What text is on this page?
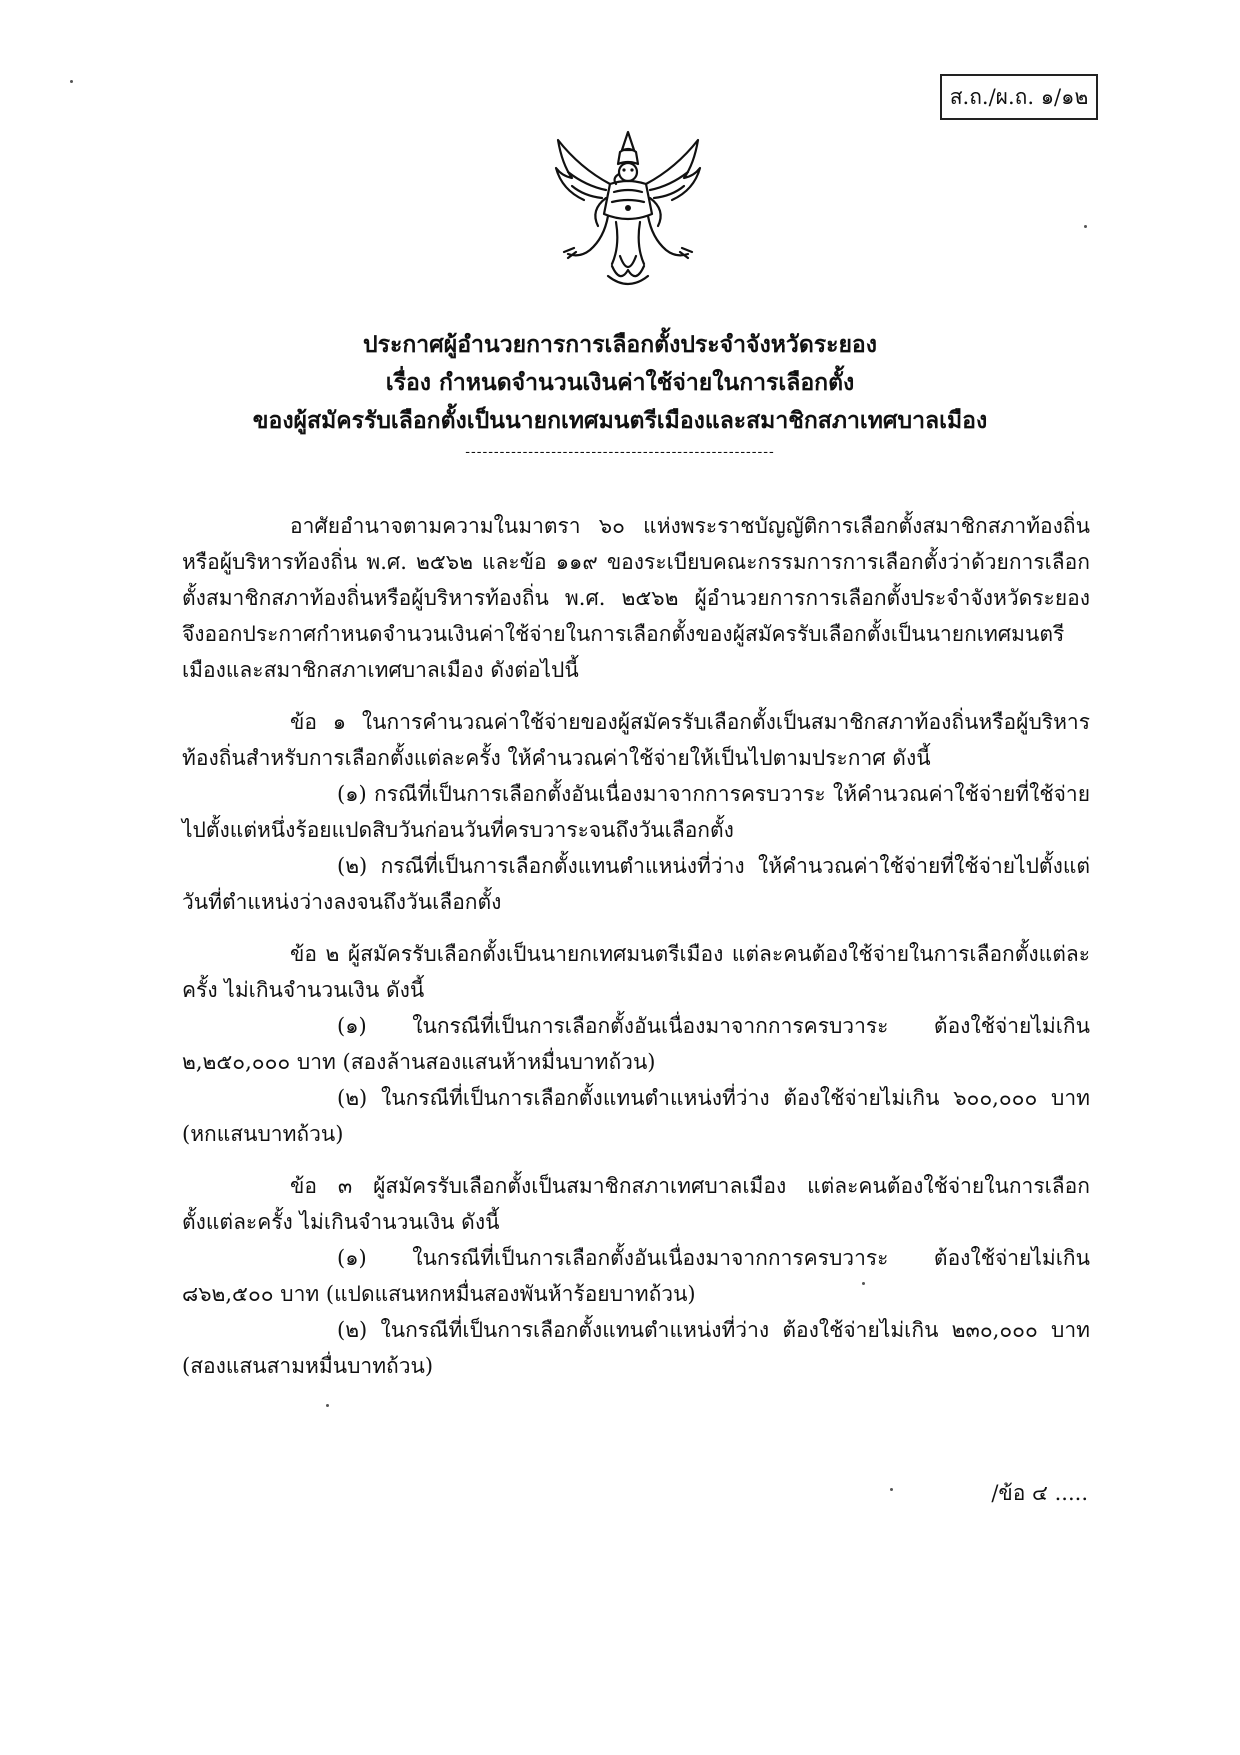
ส.ถ./ผ.ถ. ๑/๑๒
ประกาศผู้อำนวยการการเลือกตั้งประจำจังหวัดระยอง
เรื่อง กำหนดจำนวนเงินค่าใช้จ่ายในการเลือกตั้ง
ของผู้สมัครรับเลือกตั้งเป็นนายกเทศมนตรีเมืองและสมาชิกสภาเทศบาลเมือง
------------------------------------------------------

อาศัยอำนาจตามความในมาตรา ๖๐ แห่งพระราชบัญญัติการเลือกตั้งสมาชิกสภาท้องถิ่นหรือผู้บริหารท้องถิ่น พ.ศ. ๒๕๖๒ และข้อ ๑๑๙ ของระเบียบคณะกรรมการการเลือกตั้งว่าด้วยการเลือกตั้งสมาชิกสภาท้องถิ่นหรือผู้บริหารท้องถิ่น พ.ศ. ๒๕๖๒ ผู้อำนวยการการเลือกตั้งประจำจังหวัดระยอง จึงออกประกาศกำหนดจำนวนเงินค่าใช้จ่ายในการเลือกตั้งของผู้สมัครรับเลือกตั้งเป็นนายกเทศมนตรีเมืองและสมาชิกสภาเทศบาลเมือง ดังต่อไปนี้

ข้อ ๑ ในการคำนวณค่าใช้จ่ายของผู้สมัครรับเลือกตั้งเป็นสมาชิกสภาท้องถิ่นหรือผู้บริหารท้องถิ่นสำหรับการเลือกตั้งแต่ละครั้ง ให้คำนวณค่าใช้จ่ายให้เป็นไปตามประกาศ ดังนี้

(๑) กรณีที่เป็นการเลือกตั้งอันเนื่องมาจากการครบวาระ ให้คำนวณค่าใช้จ่ายที่ใช้จ่ายไปตั้งแต่หนึ่งร้อยแปดสิบวันก่อนวันที่ครบวาระจนถึงวันเลือกตั้ง

(๒) กรณีที่เป็นการเลือกตั้งแทนตำแหน่งที่ว่าง ให้คำนวณค่าใช้จ่ายที่ใช้จ่ายไปตั้งแต่วันที่ตำแหน่งว่างลงจนถึงวันเลือกตั้ง

ข้อ ๒ ผู้สมัครรับเลือกตั้งเป็นนายกเทศมนตรีเมือง แต่ละคนต้องใช้จ่ายในการเลือกตั้งแต่ละครั้ง ไม่เกินจำนวนเงิน ดังนี้

(๑) ในกรณีที่เป็นการเลือกตั้งอันเนื่องมาจากการครบวาระ ต้องใช้จ่ายไม่เกิน ๒,๒๕๐,๐๐๐ บาท (สองล้านสองแสนห้าหมื่นบาทถ้วน)

(๒) ในกรณีที่เป็นการเลือกตั้งแทนตำแหน่งที่ว่าง ต้องใช้จ่ายไม่เกิน ๖๐๐,๐๐๐ บาท (หกแสนบาทถ้วน)

ข้อ ๓ ผู้สมัครรับเลือกตั้งเป็นสมาชิกสภาเทศบาลเมือง แต่ละคนต้องใช้จ่ายในการเลือกตั้งแต่ละครั้ง ไม่เกินจำนวนเงิน ดังนี้

(๑) ในกรณีที่เป็นการเลือกตั้งอันเนื่องมาจากการครบวาระ ต้องใช้จ่ายไม่เกิน ๘๖๒,๕๐๐ บาท (แปดแสนหกหมื่นสองพันห้าร้อยบาทถ้วน)

(๒) ในกรณีที่เป็นการเลือกตั้งแทนตำแหน่งที่ว่าง ต้องใช้จ่ายไม่เกิน ๒๓๐,๐๐๐ บาท (สองแสนสามหมื่นบาทถ้วน)

/ข้อ ๔ .....
